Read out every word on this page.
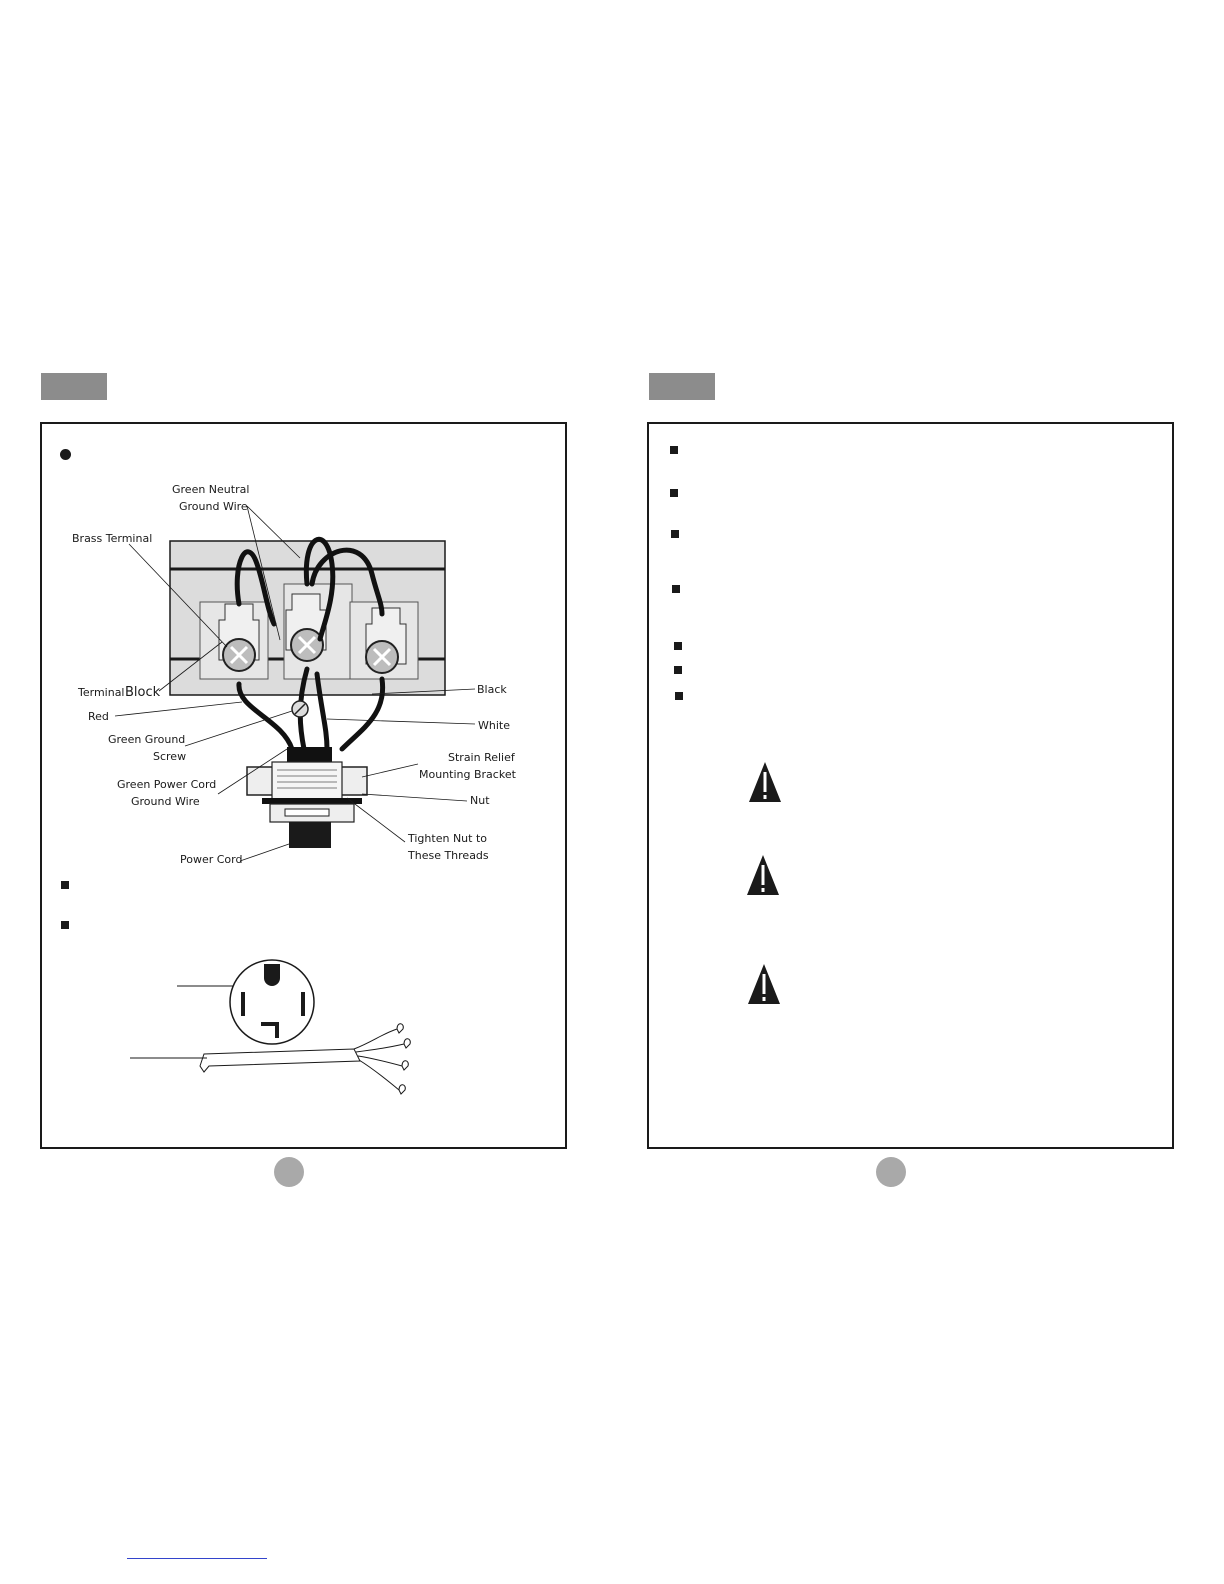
Green Neutral
Ground Wire
Brass Terminal
Terminal Block
Red
Black
White
Green Ground
Screw	Strain Relief
Mounting Bracket
Green Power Cord
Ground Wire	Nut
Tighten Nut to
These Threads
Power Cord
